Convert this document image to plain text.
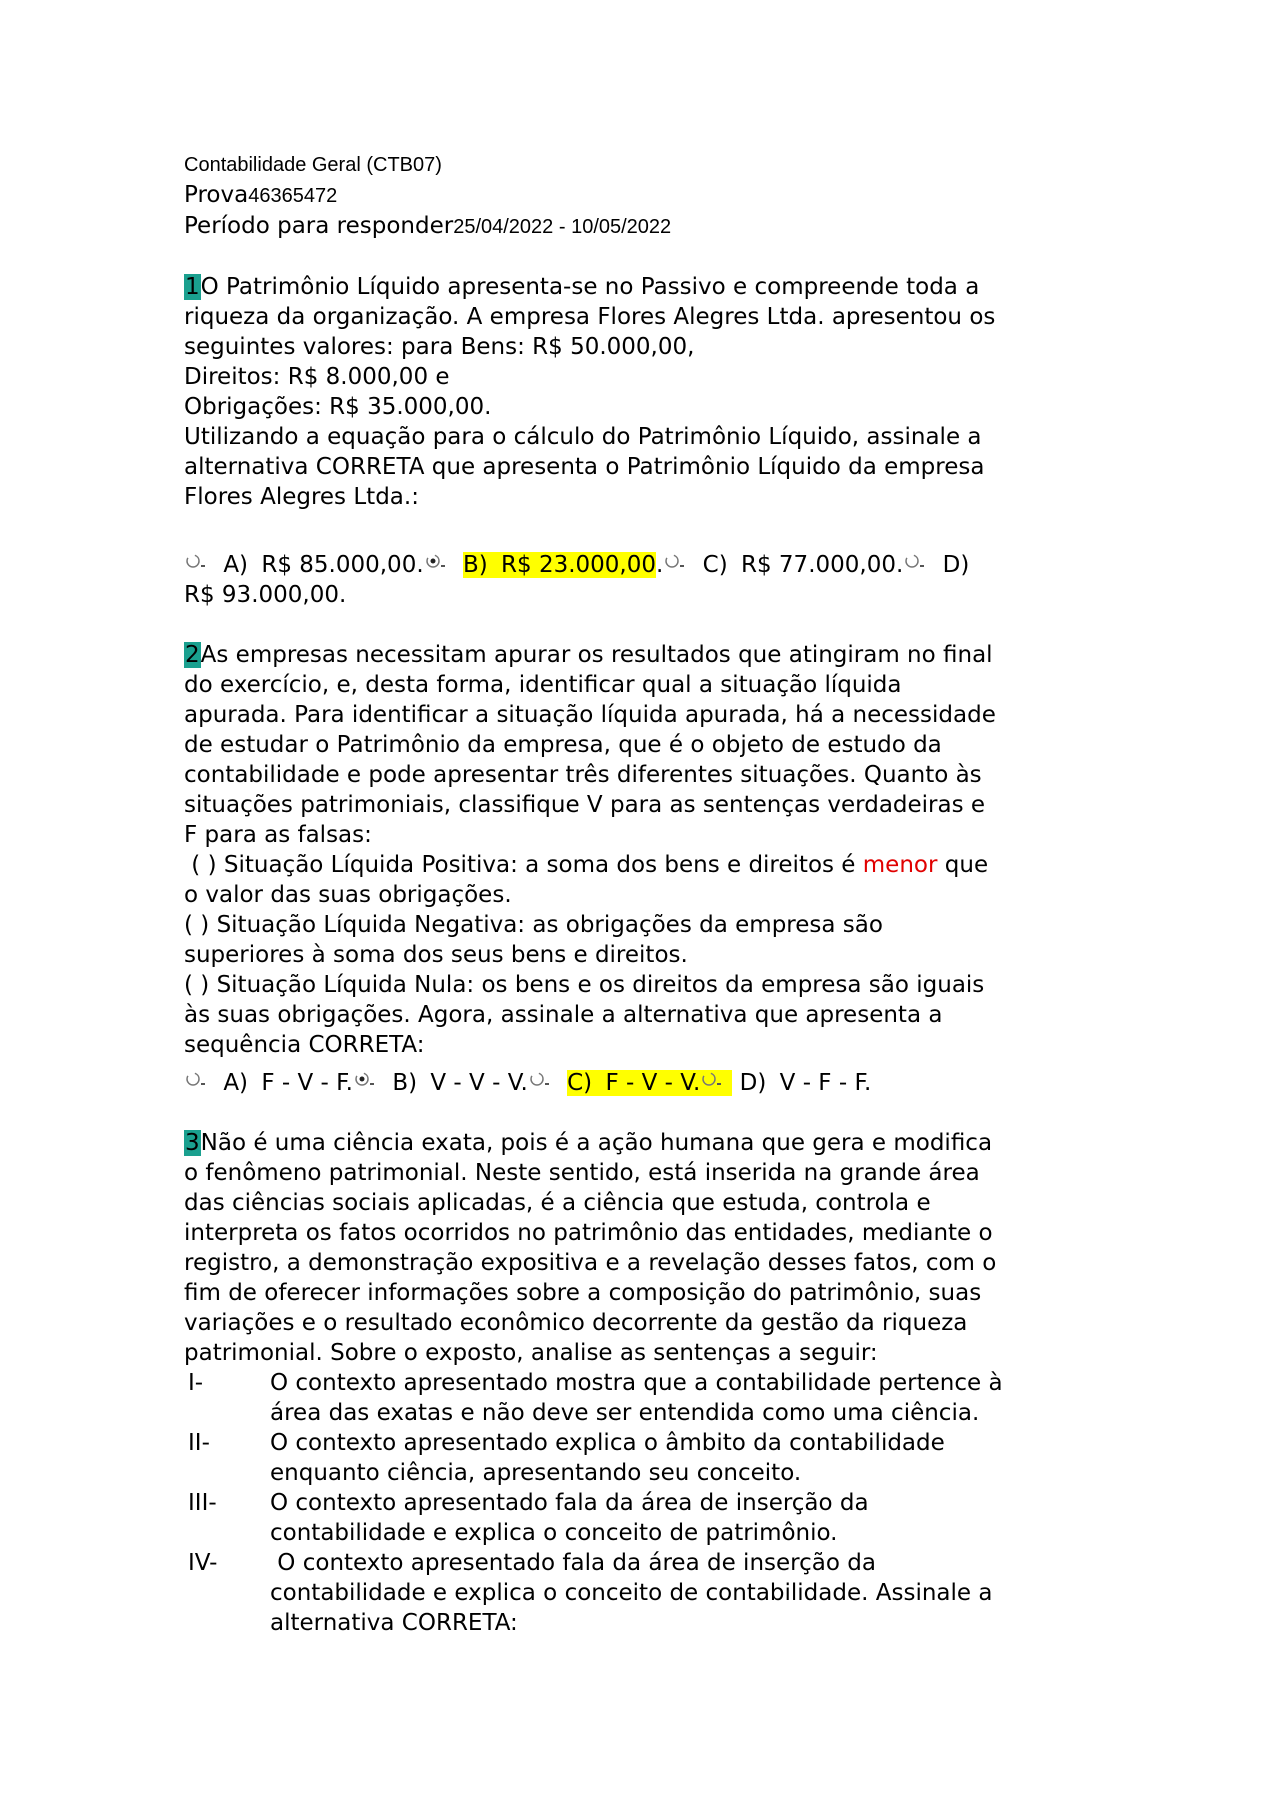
Contabilidade Geral (CTB07)

Prova46365472

Período para responder25/04/2022 - 10/05/2022

1O Patrimônio Líquido apresenta-se no Passivo e compreende toda a

riqueza da organização. A empresa Flores Alegres Ltda. apresentou os

seguintes valores: para Bens: R$ 50.000,00,

Direitos: R$ 8.000,00 e

Obrigações: R$ 35.000,00.

Utilizando a equação para o cálculo do Patrimônio Líquido, assinale a

alternativa CORRETA que apresenta o Patrimônio Líquido da empresa

Flores Alegres Ltda.:

A) R$ 85.000,00. B) R$ 23.000,00. C) R$ 77.000,00. D)

R$ 93.000,00.

2As empresas necessitam apurar os resultados que atingiram no final

do exercício, e, desta forma, identificar qual a situação líquida

apurada. Para identificar a situação líquida apurada, há a necessidade

de estudar o Patrimônio da empresa, que é o objeto de estudo da

contabilidade e pode apresentar três diferentes situações. Quanto às

situações patrimoniais, classifique V para as sentenças verdadeiras e

F para as falsas:

( ) Situação Líquida Positiva: a soma dos bens e direitos é menor que

o valor das suas obrigações.

( ) Situação Líquida Negativa: as obrigações da empresa são

superiores à soma dos seus bens e direitos.

( ) Situação Líquida Nula: os bens e os direitos da empresa são iguais

às suas obrigações. Agora, assinale a alternativa que apresenta a

sequência CORRETA:

A) F - V - F. B) V - V - V. C) F - V - V. D) V - F - F.

3Não é uma ciência exata, pois é a ação humana que gera e modifica

o fenômeno patrimonial. Neste sentido, está inserida na grande área

das ciências sociais aplicadas, é a ciência que estuda, controla e

interpreta os fatos ocorridos no patrimônio das entidades, mediante o

registro, a demonstração expositiva e a revelação desses fatos, com o

fim de oferecer informações sobre a composição do patrimônio, suas

variações e o resultado econômico decorrente da gestão da riqueza

patrimonial. Sobre o exposto, analise as sentenças a seguir:

I-	O contexto apresentado mostra que a contabilidade pertence à

área das exatas e não deve ser entendida como uma ciência.

II-	O contexto apresentado explica o âmbito da contabilidade

enquanto ciência, apresentando seu conceito.

III-	O contexto apresentado fala da área de inserção da

contabilidade e explica o conceito de patrimônio.

IV-	O contexto apresentado fala da área de inserção da

contabilidade e explica o conceito de contabilidade. Assinale a

alternativa CORRETA:
